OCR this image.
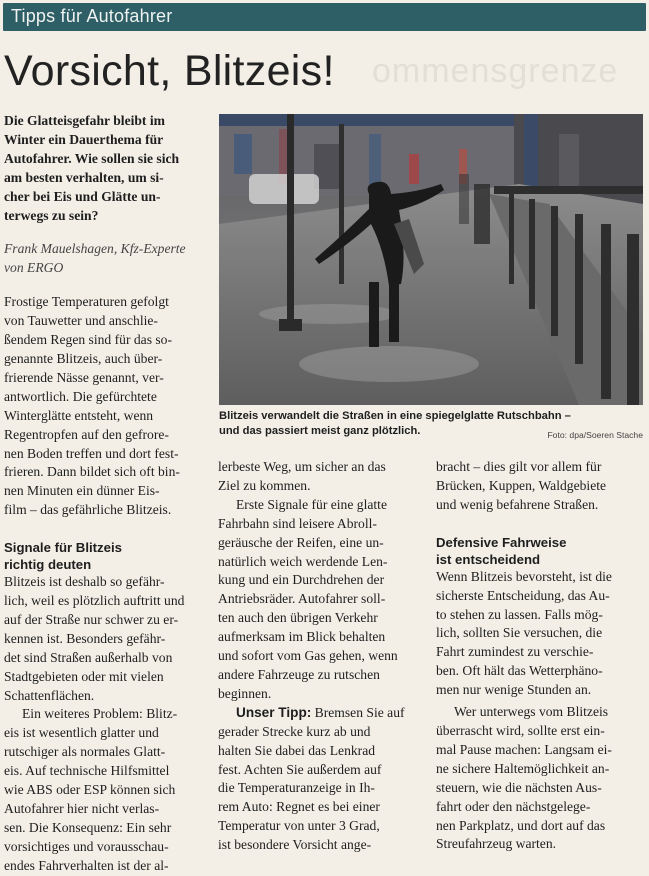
Tipps für Autofahrer
ommensgrenze
Vorsicht, Blitzeis!

Die Glatteisgefahr bleibt im
Winter ein Dauerthema für
Autofahrer. Wie sollen sie sich
am besten verhalten, um si-
cher bei Eis und Glätte un-
terwegs zu sein?

Frank Mauelshagen, Kfz-Experte
von ERGO

Frostige Temperaturen gefolgt
von Tauwetter und anschlie-
ßendem Regen sind für das so-
genannte Blitzeis, auch über-
frierende Nässe genannt, ver-
antwortlich. Die gefürchtete
Winterglätte entsteht, wenn
Regentropfen auf den gefrore-
nen Boden treffen und dort fest-
frieren. Dann bildet sich oft bin-
nen Minuten ein dünner Eis-
film – das gefährliche Blitzeis.

Signale für Blitzeis
richtig deuten

Blitzeis ist deshalb so gefähr-
lich, weil es plötzlich auftritt und
auf der Straße nur schwer zu er-
kennen ist. Besonders gefähr-
det sind Straßen außerhalb von
Stadtgebieten oder mit vielen
Schattenflächen.

Ein weiteres Problem: Blitz-
eis ist wesentlich glatter und
rutschiger als normales Glatt-
eis. Auf technische Hilfsmittel
wie ABS oder ESP können sich
Autofahrer hier nicht verlas-
sen. Die Konsequenz: Ein sehr
vorsichtiges und vorausschau-
endes Fahrverhalten ist der al-

Blitzeis verwandelt die Straßen in eine spiegelglatte Rutschbahn –
und das passiert meist ganz plötzlich.	Foto: dpa/Soeren Stache

lerbeste Weg, um sicher an das
Ziel zu kommen.

Erste Signale für eine glatte
Fahrbahn sind leisere Abroll-
geräusche der Reifen, eine un-
natürlich weich werdende Len-
kung und ein Durchdrehen der
Antriebsräder. Autofahrer soll-
ten auch den übrigen Verkehr
aufmerksam im Blick behalten
und sofort vom Gas gehen, wenn
andere Fahrzeuge zu rutschen
beginnen.

Unser Tipp: Bremsen Sie auf
gerader Strecke kurz ab und
halten Sie dabei das Lenkrad
fest. Achten Sie außerdem auf
die Temperaturanzeige in Ih-
rem Auto: Regnet es bei einer
Temperatur von unter 3 Grad,
ist besondere Vorsicht ange-

bracht – dies gilt vor allem für
Brücken, Kuppen, Waldgebiete
und wenig befahrene Straßen.

Defensive Fahrweise
ist entscheidend

Wenn Blitzeis bevorsteht, ist die
sicherste Entscheidung, das Au-
to stehen zu lassen. Falls mög-
lich, sollten Sie versuchen, die
Fahrt zumindest zu verschie-
ben. Oft hält das Wetterphäno-
men nur wenige Stunden an.

Wer unterwegs vom Blitzeis
überrascht wird, sollte erst ein-
mal Pause machen: Langsam ei-
ne sichere Haltemöglichkeit an-
steuern, wie die nächsten Aus-
fahrt oder den nächstgelege-
nen Parkplatz, und dort auf das
Streufahrzeug warten.
